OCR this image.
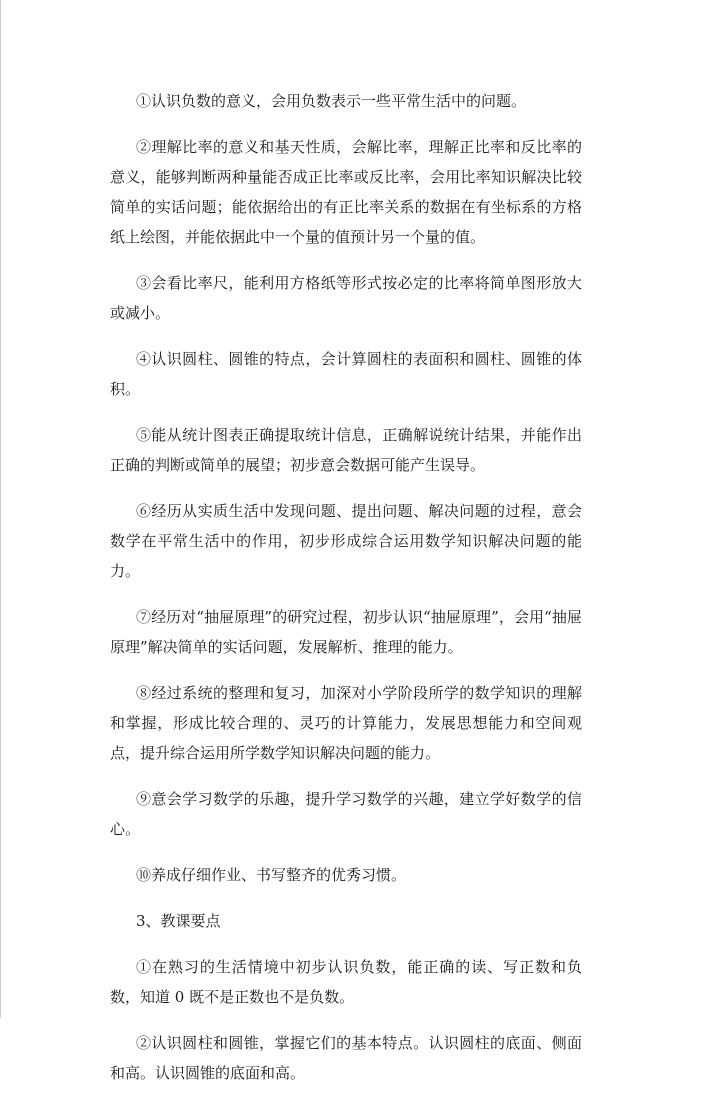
①认识负数的意义，会用负数表示一些平常生活中的问题。

②理解比率的意义和基天性质，会解比率，理解正比率和反比率的意义，能够判断两种量能否成正比率或反比率，会用比率知识解决比较简单的实话问题；能依据给出的有正比率关系的数据在有坐标系的方格纸上绘图，并能依据此中一个量的值预计另一个量的值。

③会看比率尺，能利用方格纸等形式按必定的比率将简单图形放大或减小。

④认识圆柱、圆锥的特点，会计算圆柱的表面积和圆柱、圆锥的体积。

⑤能从统计图表正确提取统计信息，正确解说统计结果，并能作出正确的判断或简单的展望；初步意会数据可能产生误导。

⑥经历从实质生活中发现问题、提出问题、解决问题的过程，意会数学在平常生活中的作用，初步形成综合运用数学知识解决问题的能力。

⑦经历对“抽屉原理”的研究过程，初步认识“抽屉原理”，会用“抽屉原理”解决简单的实话问题，发展解析、推理的能力。

⑧经过系统的整理和复习，加深对小学阶段所学的数学知识的理解和掌握，形成比较合理的、灵巧的计算能力，发展思想能力和空间观点，提升综合运用所学数学知识解决问题的能力。

⑨意会学习数学的乐趣，提升学习数学的兴趣，建立学好数学的信心。

⑩养成仔细作业、书写整齐的优秀习惯。

3、教课要点

①在熟习的生活情境中初步认识负数，能正确的读、写正数和负数，知道 0 既不是正数也不是负数。

②认识圆柱和圆锥，掌握它们的基本特点。认识圆柱的底面、侧面和高。认识圆锥的底面和高。
